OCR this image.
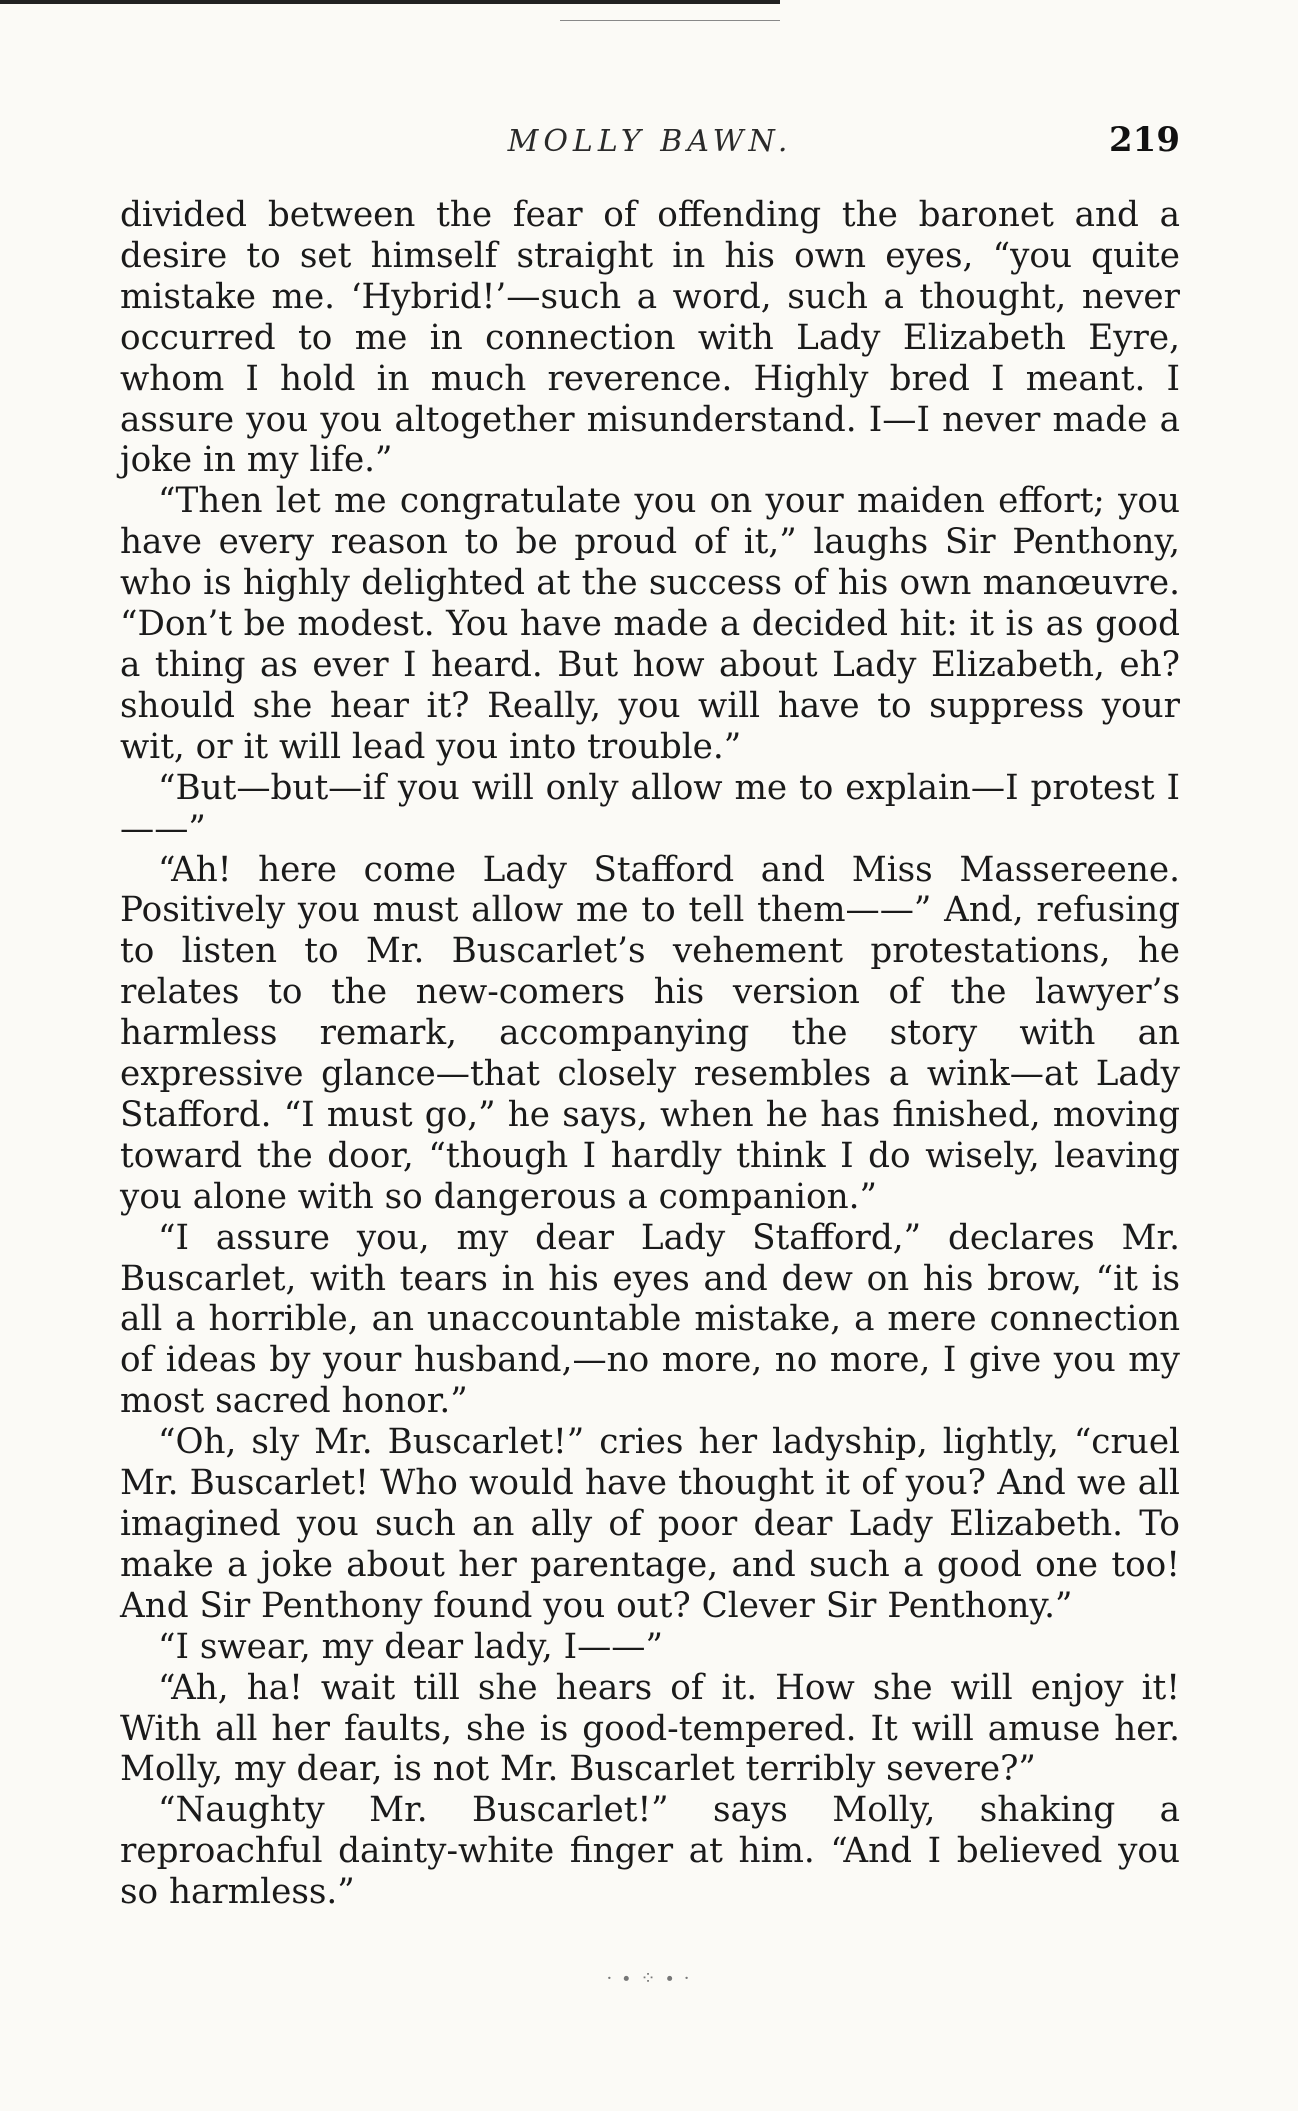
MOLLY BAWN.	219

divided between the fear of offending the baronet and a desire to set himself straight in his own eyes, “you quite mistake me. ‘Hybrid!’—such a word, such a thought, never occurred to me in connection with Lady Elizabeth Eyre, whom I hold in much reverence. Highly bred I meant. I assure you you altogether misunderstand. I—I never made a joke in my life.”

“Then let me congratulate you on your maiden effort; you have every reason to be proud of it,” laughs Sir Penthony, who is highly delighted at the success of his own manœuvre. “Don’t be modest. You have made a decided hit: it is as good a thing as ever I heard. But how about Lady Elizabeth, eh? should she hear it? Really, you will have to suppress your wit, or it will lead you into trouble.”

“But—but—if you will only allow me to explain—I protest I——”

“Ah! here come Lady Stafford and Miss Massereene. Positively you must allow me to tell them——” And, refusing to listen to Mr. Buscarlet’s vehement protestations, he relates to the new-comers his version of the lawyer’s harmless remark, accompanying the story with an expressive glance—that closely resembles a wink—at Lady Stafford. “I must go,” he says, when he has finished, moving toward the door, “though I hardly think I do wisely, leaving you alone with so dangerous a companion.”

“I assure you, my dear Lady Stafford,” declares Mr. Buscarlet, with tears in his eyes and dew on his brow, “it is all a horrible, an unaccountable mistake, a mere connection of ideas by your husband,—no more, no more, I give you my most sacred honor.”

“Oh, sly Mr. Buscarlet!” cries her ladyship, lightly, “cruel Mr. Buscarlet! Who would have thought it of you? And we all imagined you such an ally of poor dear Lady Elizabeth. To make a joke about her parentage, and such a good one too! And Sir Penthony found you out? Clever Sir Penthony.”

“I swear, my dear lady, I——”

“Ah, ha! wait till she hears of it. How she will enjoy it! With all her faults, she is good-tempered. It will amuse her. Molly, my dear, is not Mr. Buscarlet terribly severe?”

“Naughty Mr. Buscarlet!” says Molly, shaking a reproachful dainty-white finger at him. “And I believed you so harmless.”

· ∙ ⁘ ∙ ·
